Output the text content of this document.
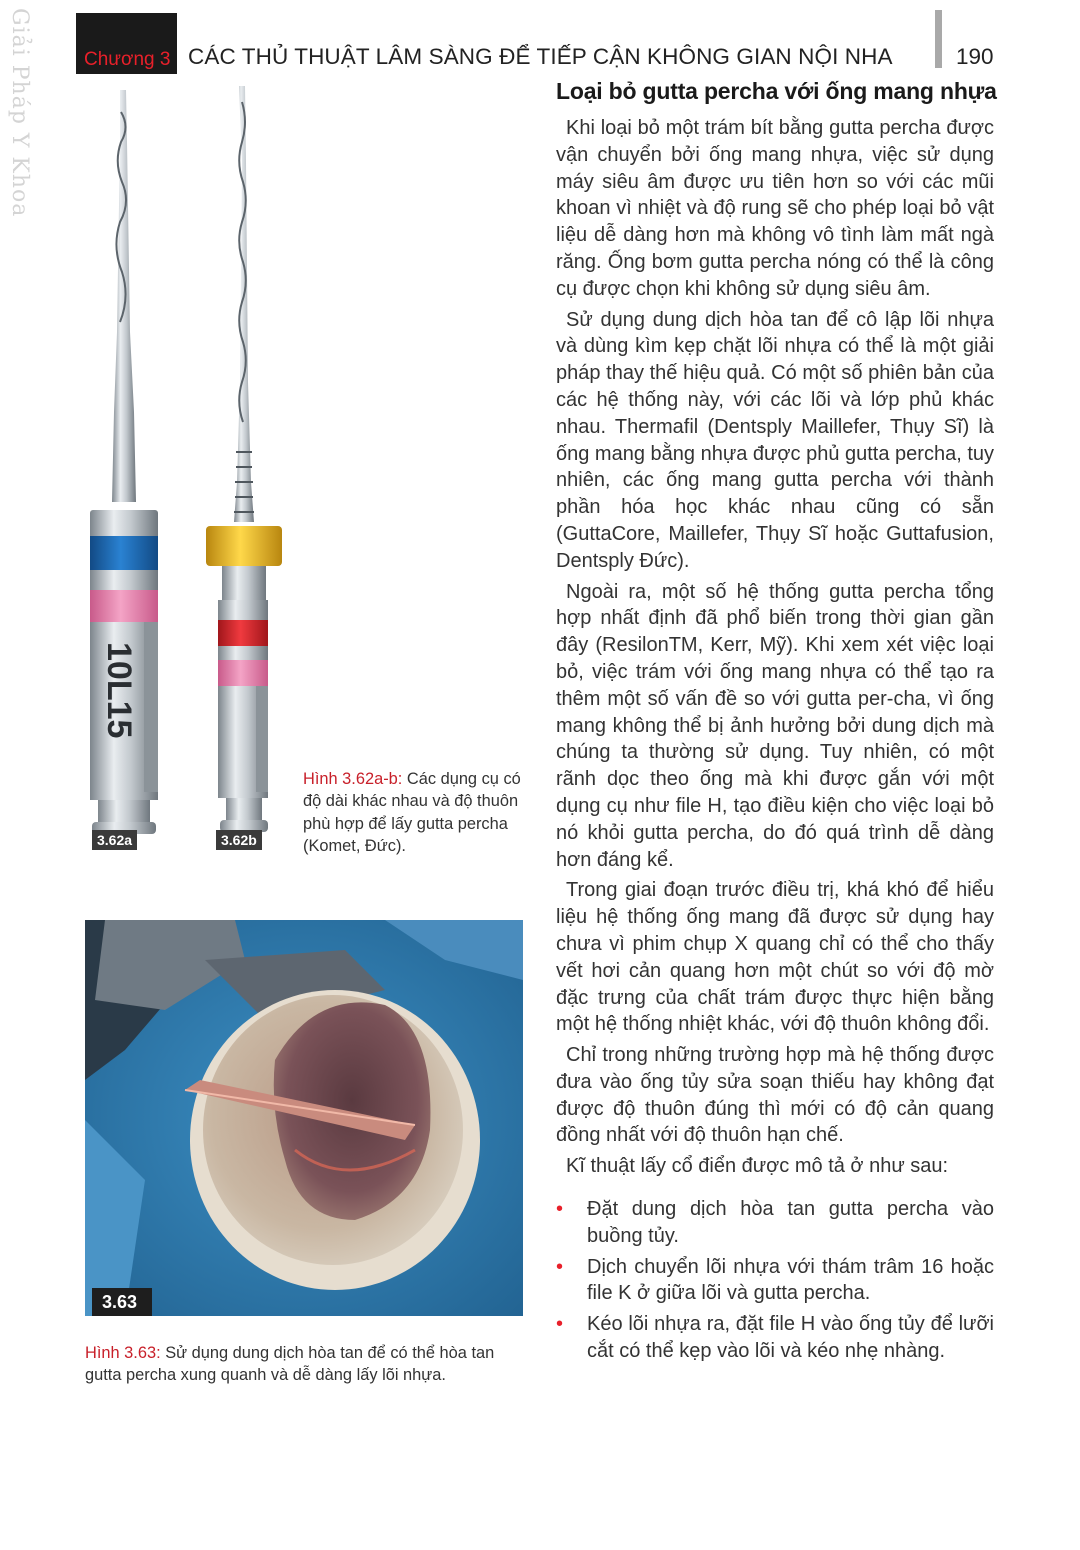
Giải Pháp Y Khoa	Chương 3 CÁC THỦ THUẬT LÂM SÀNG ĐỂ TIẾP CẬN KHÔNG GIAN NỘI NHA	190
10L15
3.62a	3.62b
Hình 3.62a-b: Các dụng cụ có độ dài khác nhau và độ thuôn phù hợp để lấy gutta percha (Komet, Đức).
3.63
Hình 3.63: Sử dụng dung dịch hòa tan để có thể hòa tan gutta percha xung quanh và dễ dàng lấy lõi nhựa.
Loại bỏ gutta percha với ống mang nhựa

Khi loại bỏ một trám bít bằng gutta percha được vận chuyển bởi ống mang nhựa, việc sử dụng máy siêu âm được ưu tiên hơn so với các mũi khoan vì nhiệt và độ rung sẽ cho phép loại bỏ vật liệu dễ dàng hơn mà không vô tình làm mất ngà răng. Ống bơm gutta percha nóng có thể là công cụ được chọn khi không sử dụng siêu âm.

Sử dụng dung dịch hòa tan để cô lập lõi nhựa và dùng kìm kẹp chặt lõi nhựa có thể là một giải pháp thay thế hiệu quả. Có một số phiên bản của các hệ thống này, với các lõi và lớp phủ khác nhau. Thermafil (Dentsply Maillefer, Thụy Sĩ) là ống mang bằng nhựa được phủ gutta percha, tuy nhiên, các ống mang gutta percha với thành phần hóa học khác nhau cũng có sẵn (GuttaCore, Maillefer, Thụy Sĩ hoặc Guttafusion, Dentsply Đức).

Ngoài ra, một số hệ thống gutta percha tổng hợp nhất định đã phổ biến trong thời gian gần đây (ResilonTM, Kerr, Mỹ). Khi xem xét việc loại bỏ, việc trám với ống mang nhựa có thể tạo ra thêm một số vấn đề so với gutta per-cha, vì ống mang không thể bị ảnh hưởng bởi dung dịch mà chúng ta thường sử dụng. Tuy nhiên, có một rãnh dọc theo ống mà khi được gắn với một dụng cụ như file H, tạo điều kiện cho việc loại bỏ nó khỏi gutta percha, do đó quá trình dễ dàng hơn đáng kể.

Trong giai đoạn trước điều trị, khá khó để hiểu liệu hệ thống ống mang đã được sử dụng hay chưa vì phim chụp X quang chỉ có thể cho thấy vết hơi cản quang hơn một chút so với độ mờ đặc trưng của chất trám được thực hiện bằng một hệ thống nhiệt khác, với độ thuôn không đổi.

Chỉ trong những trường hợp mà hệ thống được đưa vào ống tủy sửa soạn thiếu hay không đạt được độ thuôn đúng thì mới có độ cản quang đồng nhất với độ thuôn hạn chế.

Kĩ thuật lấy cổ điển được mô tả ở như sau:

• Đặt dung dịch hòa tan gutta percha vào buồng tủy.
• Dịch chuyển lõi nhựa với thám trâm 16 hoặc file K ở giữa lõi và gutta percha.
• Kéo lõi nhựa ra, đặt file H vào ống tủy để lưỡi cắt có thể kẹp vào lõi và kéo nhẹ nhàng.
